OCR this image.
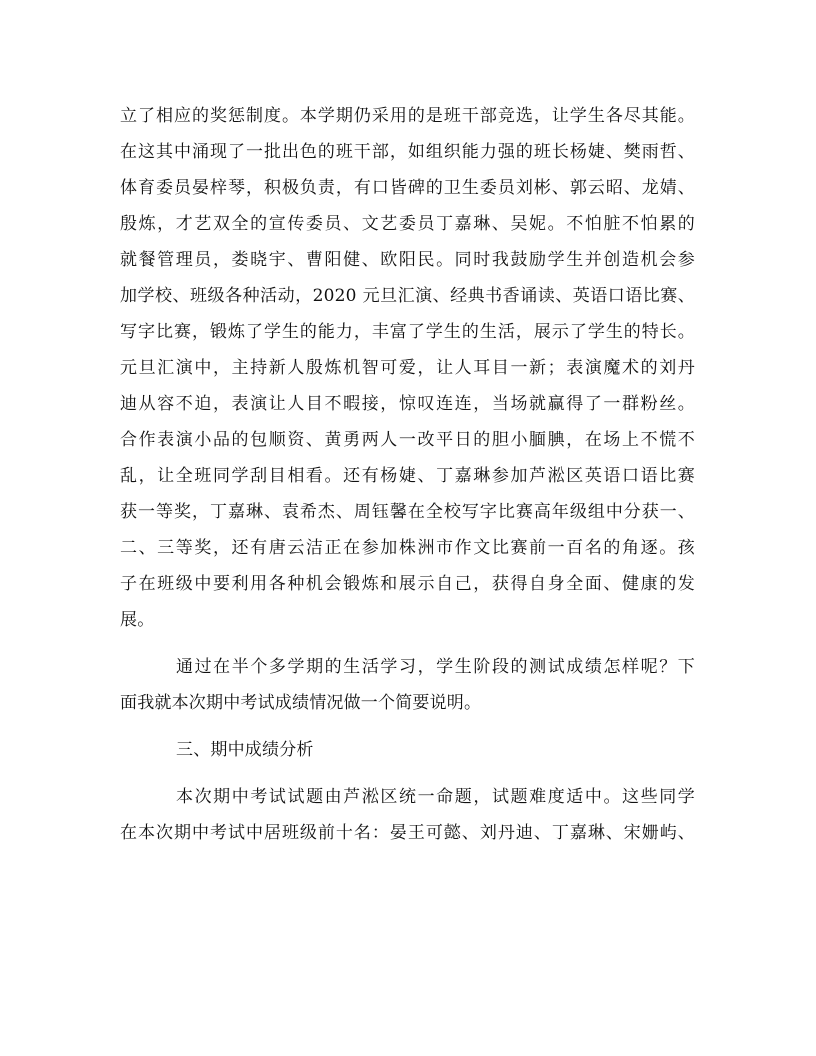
立了相应的奖惩制度。本学期仍采用的是班干部竞选，让学生各尽其能。
在这其中涌现了一批出色的班干部，如组织能力强的班长杨婕、樊雨哲、
体育委员晏梓琴，积极负责，有口皆碑的卫生委员刘彬、郭云昭、龙婧、
殷炼，才艺双全的宣传委员、文艺委员丁嘉琳、吴妮。不怕脏不怕累的
就餐管理员，娄晓宇、曹阳健、欧阳民。同时我鼓励学生并创造机会参
加学校、班级各种活动，2020 元旦汇演、经典书香诵读、英语口语比赛、
写字比赛，锻炼了学生的能力，丰富了学生的生活，展示了学生的特长。
元旦汇演中，主持新人殷炼机智可爱，让人耳目一新；表演魔术的刘丹
迪从容不迫，表演让人目不暇接，惊叹连连，当场就赢得了一群粉丝。
合作表演小品的包顺资、黄勇两人一改平日的胆小腼腆，在场上不慌不
乱，让全班同学刮目相看。还有杨婕、丁嘉琳参加芦淞区英语口语比赛
获一等奖，丁嘉琳、袁希杰、周钰馨在全校写字比赛高年级组中分获一、
二、三等奖，还有唐云洁正在参加株洲市作文比赛前一百名的角逐。孩
子在班级中要利用各种机会锻炼和展示自己，获得自身全面、健康的发
展。
通过在半个多学期的生活学习，学生阶段的测试成绩怎样呢？下
面我就本次期中考试成绩情况做一个简要说明。
三、期中成绩分析
本次期中考试试题由芦淞区统一命题，试题难度适中。这些同学
在本次期中考试中居班级前十名：晏王可懿、刘丹迪、丁嘉琳、宋姗屿、
